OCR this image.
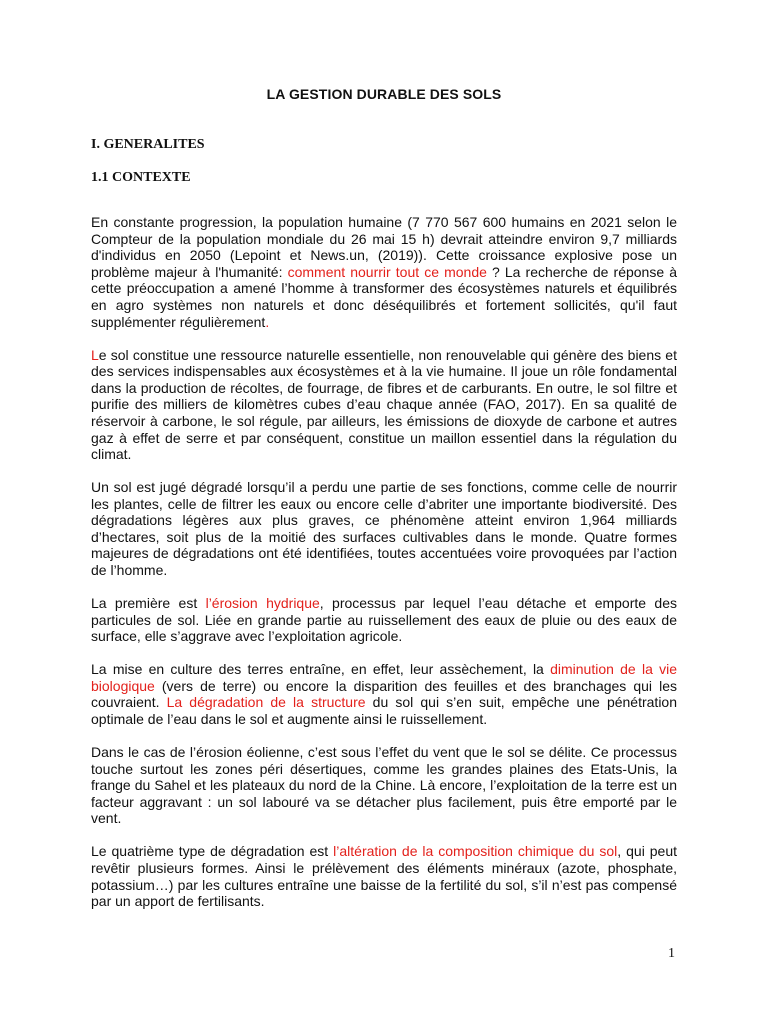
LA GESTION DURABLE DES SOLS
I. GENERALITES
1.1 CONTEXTE

En constante progression, la population humaine (7 770 567 600 humains en 2021 selon le Compteur de la population mondiale du 26 mai 15 h) devrait atteindre environ 9,7 milliards d'individus en 2050 (Lepoint et News.un, (2019)). Cette croissance explosive pose un problème majeur à l'humanité: comment nourrir tout ce monde ? La recherche de réponse à cette préoccupation a amené l’homme à transformer des écosystèmes naturels et équilibrés en agro systèmes non naturels et donc déséquilibrés et fortement sollicités, qu'il faut supplémenter régulièrement.

Le sol constitue une ressource naturelle essentielle, non renouvelable qui génère des biens et des services indispensables aux écosystèmes et à la vie humaine. Il joue un rôle fondamental dans la production de récoltes, de fourrage, de fibres et de carburants. En outre, le sol filtre et purifie des milliers de kilomètres cubes d’eau chaque année (FAO, 2017). En sa qualité de réservoir à carbone, le sol régule, par ailleurs, les émissions de dioxyde de carbone et autres gaz à effet de serre et par conséquent, constitue un maillon essentiel dans la régulation du climat.

Un sol est jugé dégradé lorsqu’il a perdu une partie de ses fonctions, comme celle de nourrir les plantes, celle de filtrer les eaux ou encore celle d’abriter une importante biodiversité. Des dégradations légères aux plus graves, ce phénomène atteint environ 1,964 milliards d’hectares, soit plus de la moitié des surfaces cultivables dans le monde. Quatre formes majeures de dégradations ont été identifiées, toutes accentuées voire provoquées par l’action de l’homme.

La première est l’érosion hydrique, processus par lequel l’eau détache et emporte des particules de sol. Liée en grande partie au ruissellement des eaux de pluie ou des eaux de surface, elle s’aggrave avec l’exploitation agricole.

La mise en culture des terres entraîne, en effet, leur assèchement, la diminution de la vie biologique (vers de terre) ou encore la disparition des feuilles et des branchages qui les couvraient. La dégradation de la structure du sol qui s’en suit, empêche une pénétration optimale de l’eau dans le sol et augmente ainsi le ruissellement.

Dans le cas de l’érosion éolienne, c’est sous l’effet du vent que le sol se délite. Ce processus touche surtout les zones péri désertiques, comme les grandes plaines des Etats-Unis, la frange du Sahel et les plateaux du nord de la Chine. Là encore, l’exploitation de la terre est un facteur aggravant : un sol labouré va se détacher plus facilement, puis être emporté par le vent.

Le quatrième type de dégradation est l’altération de la composition chimique du sol, qui peut revêtir plusieurs formes. Ainsi le prélèvement des éléments minéraux (azote, phosphate, potassium…) par les cultures entraîne une baisse de la fertilité du sol, s’il n’est pas compensé par un apport de fertilisants.

1
